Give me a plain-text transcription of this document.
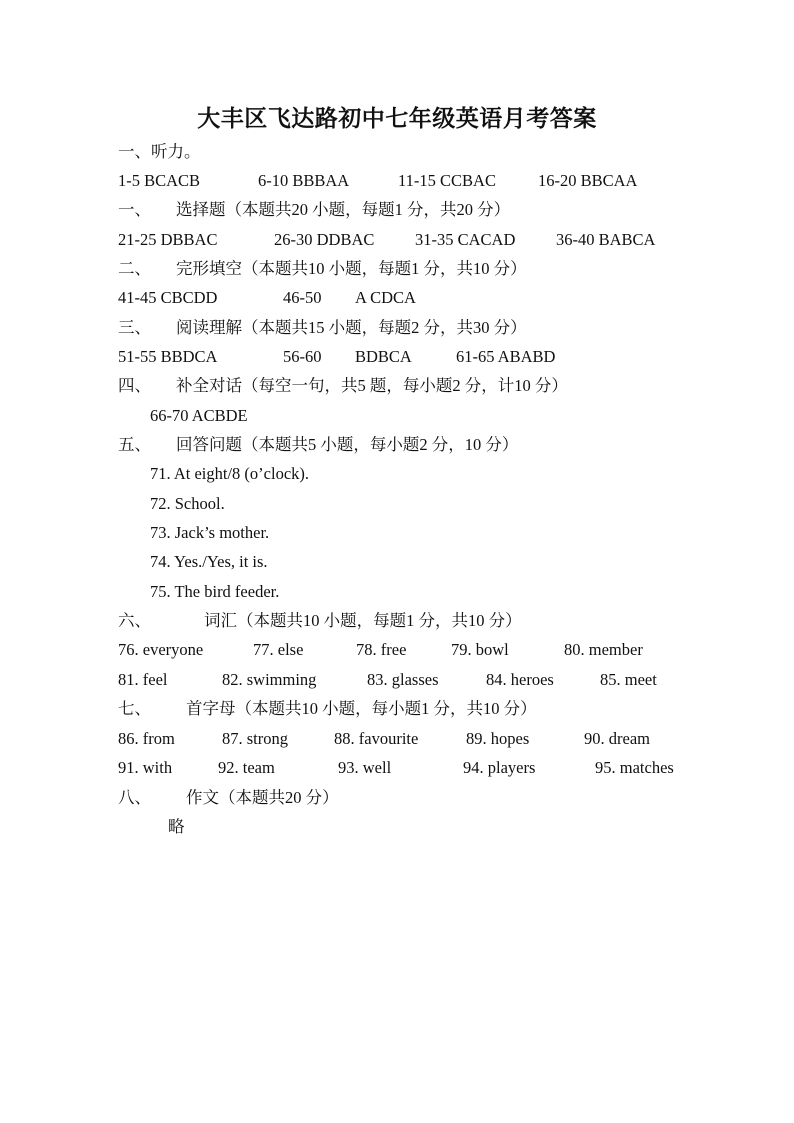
大丰区飞达路初中七年级英语月考答案
一、听力。
1-5 BCACB	6-10 BBBAA	11-15 CCBAC	16-20 BBCAA
一、 选择题（本题共20 小题，每题1 分，共20 分）
21-25 DBBAC	26-30 DDBAC 31-35 CACAD 36-40 BABCA
二、 完形填空（本题共10 小题，每题1 分，共10 分）
41-45 CBCDD	46-50 A CDCA
三、 阅读理解（本题共15 小题，每题2 分，共30 分）
51-55 BBDCA	56-60 BDBCA	61-65 ABABD
四、 补全对话（每空一句，共5 题，每小题2 分，计10 分）
66-70 ACBDE
五、 回答问题（本题共5 小题，每小题2 分，10 分）
71. At eight/8 (o’clock).
72. School.
73. Jack’s mother.
74. Yes./Yes, it is.
75. The bird feeder.
六、	词汇（本题共10 小题，每题1 分，共10 分）
76. everyone	77. else	78. free	79. bowl	80. member
81. feel	82. swimming	83. glasses	84. heroes	85. meet
七、 首字母（本题共10 小题，每小题1 分，共10 分）
86. from	87. strong	88. favourite	89. hopes	90. dream
91. with	92. team	93. well	94. players	95. matches
八、 作文（本题共20 分）
略
